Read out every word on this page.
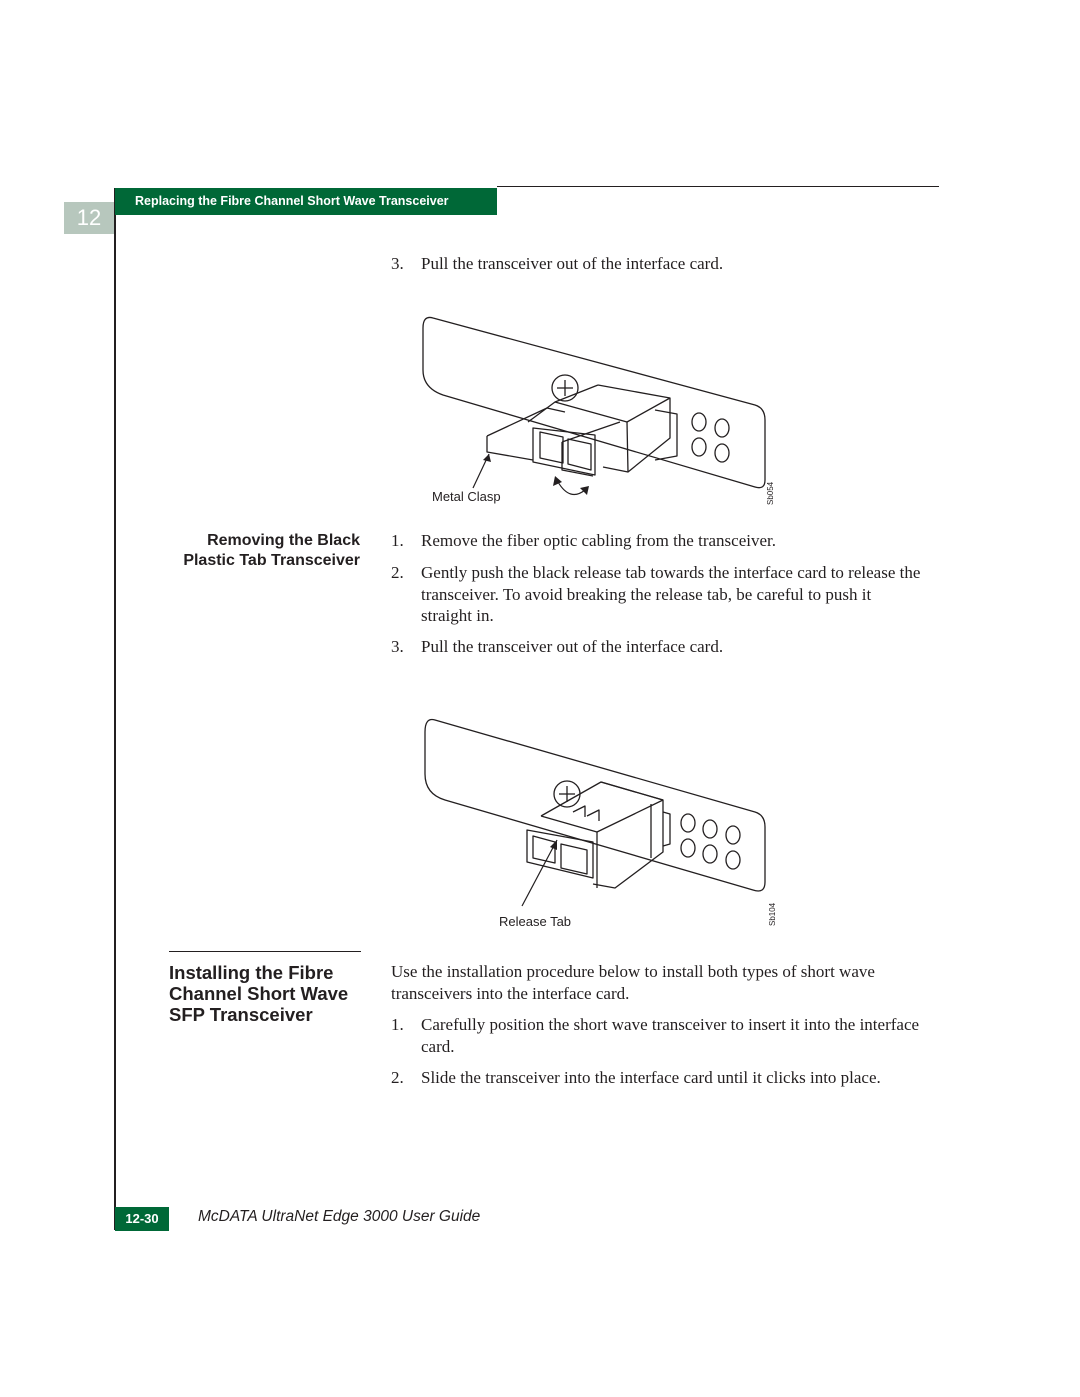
12
Replacing the Fibre Channel Short Wave Transceiver
3. Pull the transceiver out of the interface card.
Metal Clasp	Sb054
Removing the Black
Plastic Tab Transceiver
1. Remove the fiber optic cabling from the transceiver.
2. Gently push the black release tab towards the interface card to release the transceiver. To avoid breaking the release tab, be careful to push it straight in.
3. Pull the transceiver out of the interface card.
Release Tab	Sb104
Installing the Fibre
Channel Short Wave
SFP Transceiver
Use the installation procedure below to install both types of short wave transceivers into the interface card.
1. Carefully position the short wave transceiver to insert it into the interface card.
2. Slide the transceiver into the interface card until it clicks into place.
12-30	McDATA UltraNet Edge 3000 User Guide
